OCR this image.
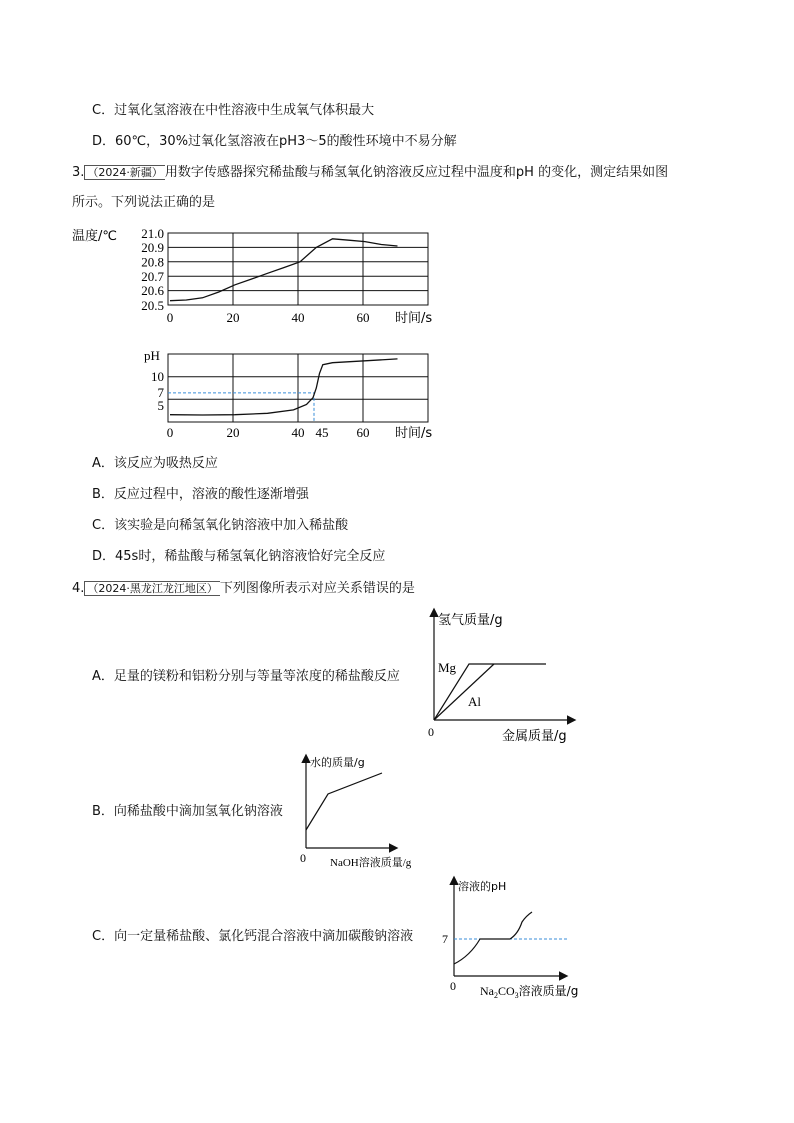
C．过氧化氢溶液在中性溶液中生成氧气体积最大
D．60℃，30%过氧化氢溶液在pH3～5的酸性环境中不易分解
3. （2024·新疆） 用数字传感器探究稀盐酸与稀氢氧化钠溶液反应过程中温度和pH 的变化，测定结果如图
所示。下列说法正确的是
温度/℃ 21.0
20.9
20.8
20.7
20.6
20.5
0	20	40	60 时间/s
pH
10
7
5
0	20	40 45 60 时间/s
A．该反应为吸热反应
B．反应过程中，溶液的酸性逐渐增强
C．该实验是向稀氢氧化钠溶液中加入稀盐酸
D．45s时，稀盐酸与稀氢氧化钠溶液恰好完全反应
4. （2024·黑龙江龙江地区） 下列图像所表示对应关系错误的是
A．足量的镁粉和铝粉分别与等量等浓度的稀盐酸反应
氢气质量/g
0	金属质量/g
Mg
Al
B．向稀盐酸中滴加氢氧化钠溶液
水的质量/g
0 NaOH溶液质量/g
C．向一定量稀盐酸、氯化钙混合溶液中滴加碳酸钠溶液
溶液的pH
0
7
$Na_2CO_3$溶液质量/g
